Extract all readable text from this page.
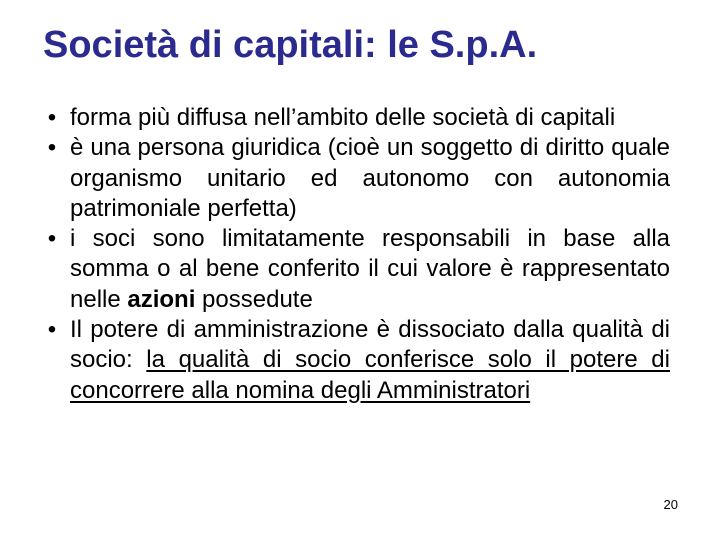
Società di capitali: le S.p.A.
• forma più diffusa nell’ambito delle società di capitali
• è una persona giuridica (cioè un soggetto di diritto quale organismo unitario ed autonomo con autonomia patrimoniale perfetta)
• i soci sono limitatamente responsabili in base alla somma o al bene conferito il cui valore è rappresentato nelle azioni possedute
• Il potere di amministrazione è dissociato dalla qualità di socio: la qualità di socio conferisce solo il potere di concorrere alla nomina degli Amministratori
20
